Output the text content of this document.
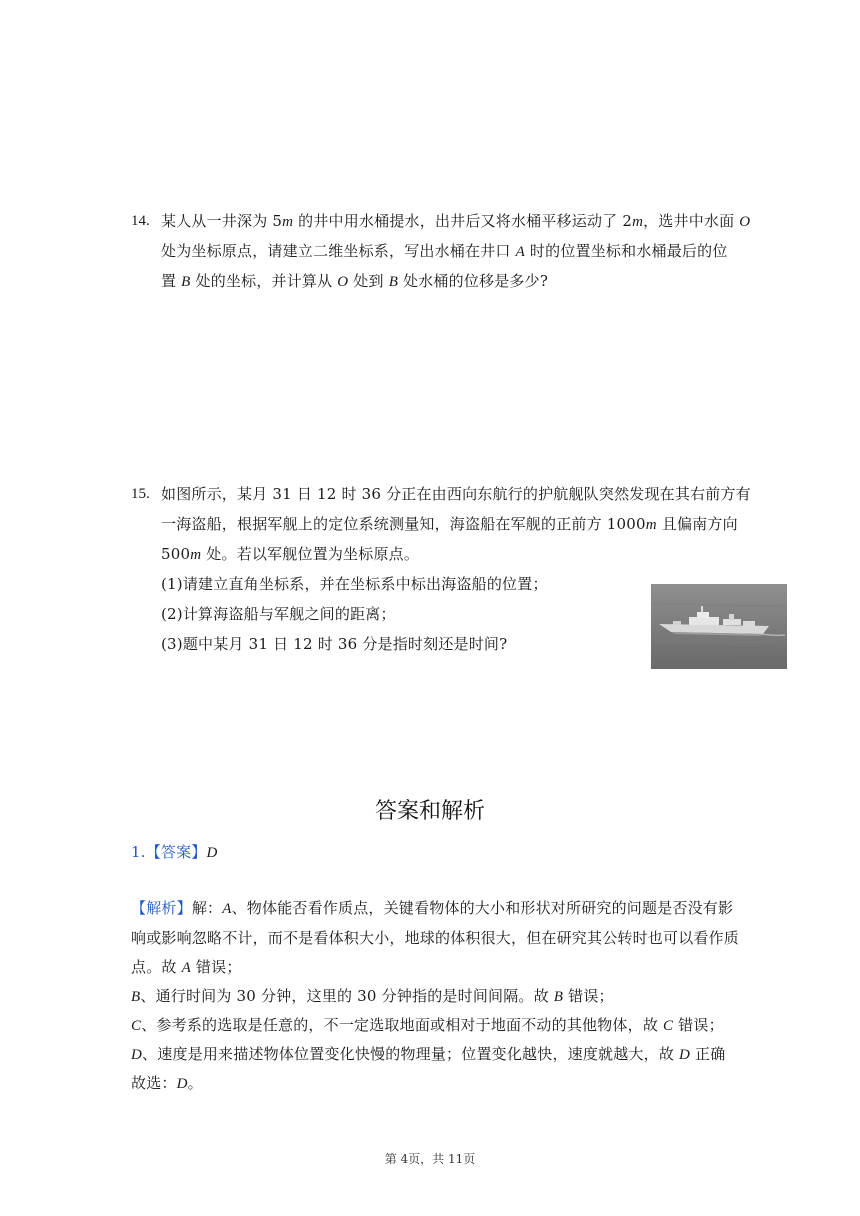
14. 某人从一井深为 5m 的井中用水桶提水，出井后又将水桶平移运动了 2m，选井中水面 O
处为坐标原点，请建立二维坐标系，写出水桶在井口 A 时的位置坐标和水桶最后的位
置 B 处的坐标，并计算从 O 处到 B 处水桶的位移是多少?
15. 如图所示，某月 31 日 12 时 36 分正在由西向东航行的护航舰队突然发现在其右前方有
一海盗船，根据军舰上的定位系统测量知，海盗船在军舰的正前方 1000m 且偏南方向
500m 处。若以军舰位置为坐标原点。
(1)请建立直角坐标系，并在坐标系中标出海盗船的位置；
(2)计算海盗船与军舰之间的距离；
(3)题中某月 31 日 12 时 36 分是指时刻还是时间?
答案和解析
1.【答案】D
【解析】解：A、物体能否看作质点，关键看物体的大小和形状对所研究的问题是否没有影
响或影响忽略不计，而不是看体积大小，地球的体积很大，但在研究其公转时也可以看作质
点。故 A 错误；
B、通行时间为 30 分钟，这里的 30 分钟指的是时间间隔。故 B 错误；
C、参考系的选取是任意的，不一定选取地面或相对于地面不动的其他物体，故 C 错误；
D、速度是用来描述物体位置变化快慢的物理量；位置变化越快，速度就越大，故 D 正确
故选：D。
第 4页，共 11页
